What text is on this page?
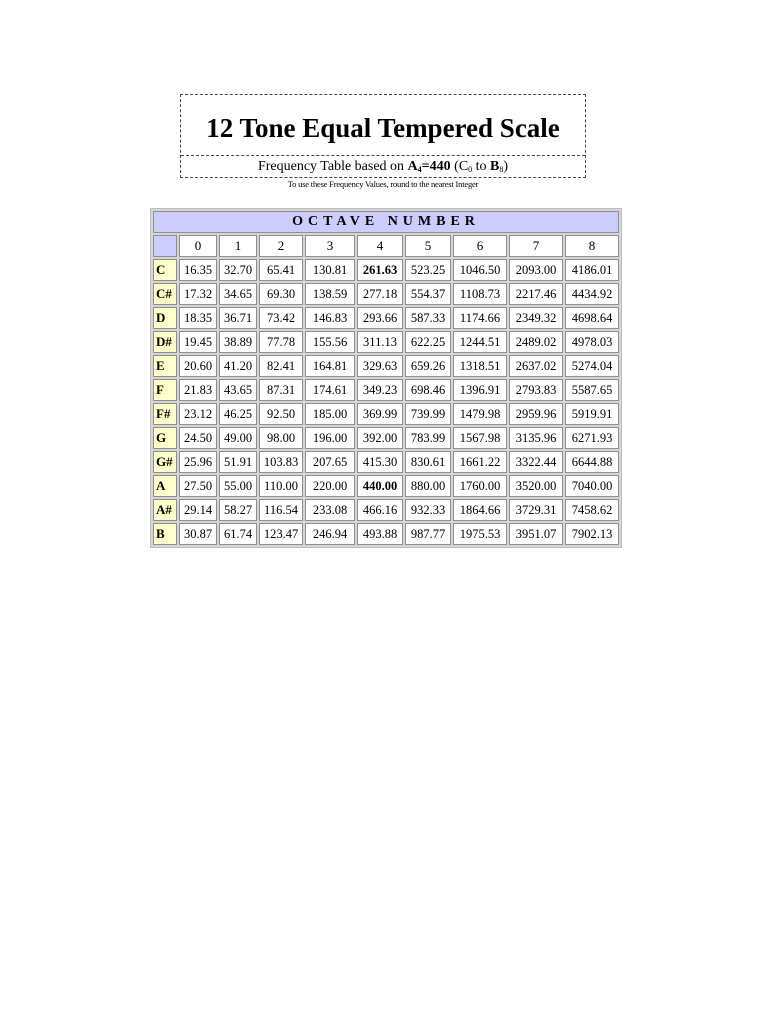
12 Tone Equal Tempered Scale
Frequency Table based on $A_4=440$ ($C_0$ to $B_8$)
To use these Frequency Values, round to the nearest Integer
OCTAVE NUMBER									
	0	1	2	3	4	5	6	7	8
C	16.35	32.70	65.41	130.81	261.63	523.25	1046.50	2093.00	4186.01
C#	17.32	34.65	69.30	138.59	277.18	554.37	1108.73	2217.46	4434.92
D	18.35	36.71	73.42	146.83	293.66	587.33	1174.66	2349.32	4698.64
D#	19.45	38.89	77.78	155.56	311.13	622.25	1244.51	2489.02	4978.03
E	20.60	41.20	82.41	164.81	329.63	659.26	1318.51	2637.02	5274.04
F	21.83	43.65	87.31	174.61	349.23	698.46	1396.91	2793.83	5587.65
F#	23.12	46.25	92.50	185.00	369.99	739.99	1479.98	2959.96	5919.91
G	24.50	49.00	98.00	196.00	392.00	783.99	1567.98	3135.96	6271.93
G#	25.96	51.91	103.83	207.65	415.30	830.61	1661.22	3322.44	6644.88
A	27.50	55.00	110.00	220.00	440.00	880.00	1760.00	3520.00	7040.00
A#	29.14	58.27	116.54	233.08	466.16	932.33	1864.66	3729.31	7458.62
B	30.87	61.74	123.47	246.94	493.88	987.77	1975.53	3951.07	7902.13
